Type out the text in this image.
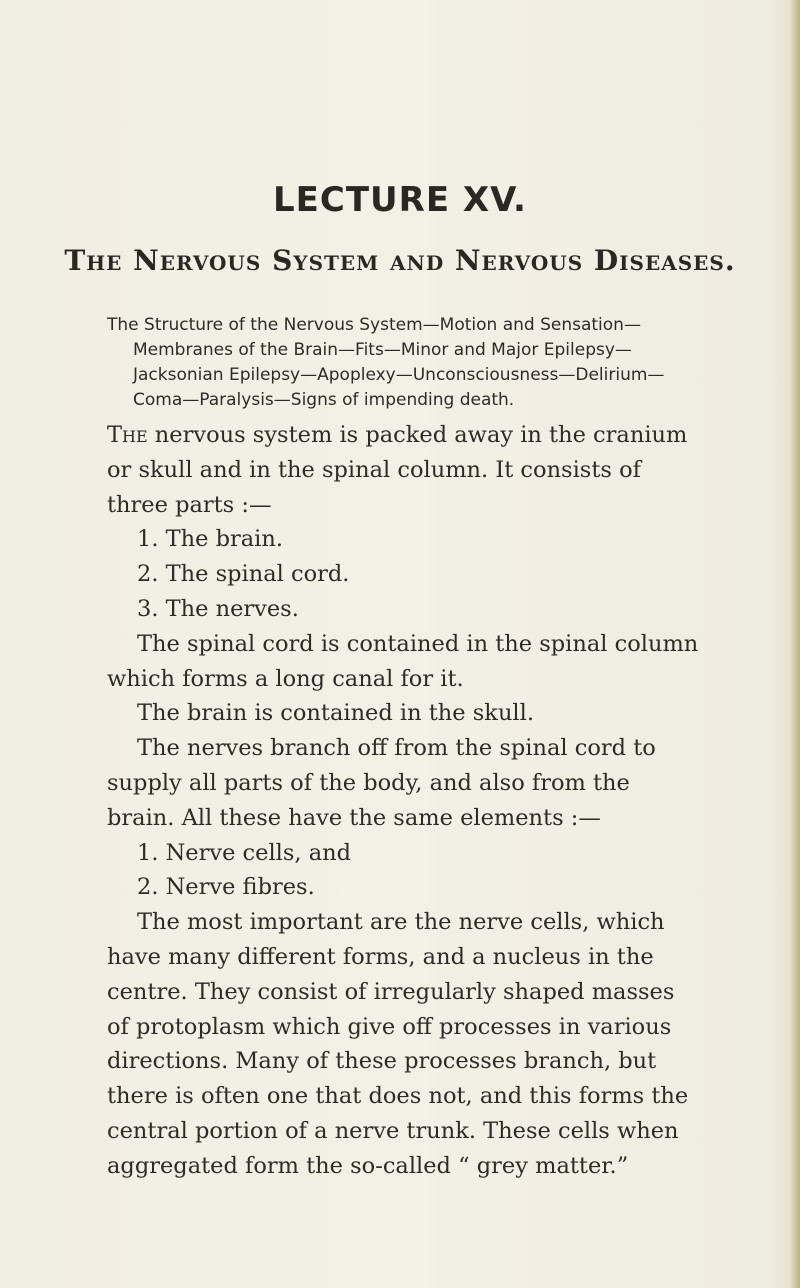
LECTURE XV.
The Nervous System and Nervous Diseases.
The Structure of the Nervous System—Motion and Sensation—
Membranes of the Brain—Fits—Minor and Major Epilepsy—
Jacksonian Epilepsy—Apoplexy—Unconsciousness—Delirium—
Coma—Paralysis—Signs of impending death.
The nervous system is packed away in the cranium
or skull and in the spinal column. It consists of
three parts :—
1. The brain.
2. The spinal cord.
3. The nerves.
The spinal cord is contained in the spinal column
which forms a long canal for it.
The brain is contained in the skull.
The nerves branch off from the spinal cord to
supply all parts of the body, and also from the
brain. All these have the same elements :—
1. Nerve cells, and
2. Nerve fibres.
The most important are the nerve cells, which
have many different forms, and a nucleus in the
centre. They consist of irregularly shaped masses
of protoplasm which give off processes in various
directions. Many of these processes branch, but
there is often one that does not, and this forms the
central portion of a nerve trunk. These cells when
aggregated form the so-called “ grey matter.”
